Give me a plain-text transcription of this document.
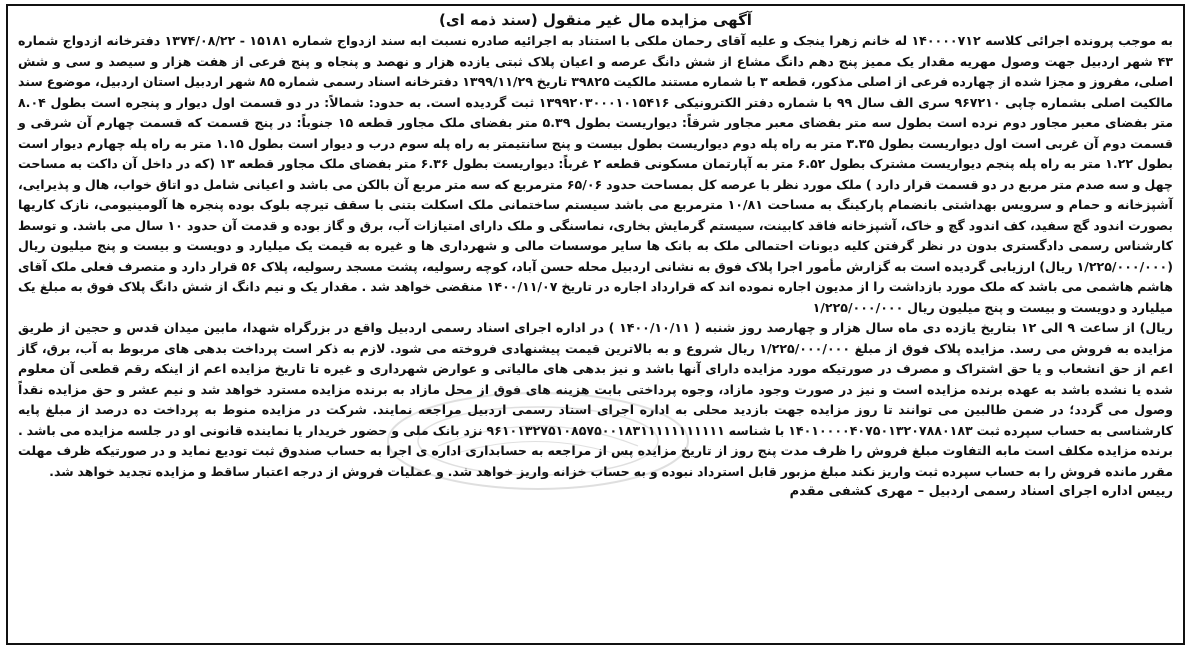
آگهی مزایده مال غیر منقول (سند ذمه ای)

به موجب پرونده اجرائی کلاسه ۱۴۰۰۰۰۷۱۲ له خانم زهرا ینجک و علیه آقای رحمان ملکی با استناد به اجرائیه صادره نسبت ابه سند ازدواج شماره ۱۵۱۸۱ - ۱۳۷۴/۰۸/۲۲ دفترخانه ازدواج شماره ۴۳ شهر اردبیل جهت وصول مهریه مقدار یک ممیز پنج دهم دانگ مشاع از شش دانگ عرصه و اعیان پلاک ثبتی یازده هزار و نهصد و پنجاه و پنج فرعی از هفت هزار و سیصد و سی و شش اصلی، مفروز و مجزا شده از چهارده فرعی از اصلی مذکور، قطعه ۳ با شماره مستند مالکیت ۳۹۸۲۵ تاریخ ۱۳۹۹/۱۱/۲۹ دفترخانه اسناد رسمی شماره ۸۵ شهر اردبیل استان اردبیل، موضوع سند مالکیت اصلی بشماره چاپی ۹۶۷۲۱۰ سری الف سال ۹۹ با شماره دفتر الکترونیکی ۱۳۹۹۲۰۳۰۰۰۱۰۱۵۴۱۶ ثبت گردیده است. به حدود: شمالاً: در دو قسمت اول دیوار و پنجره است بطول ۸.۰۴ متر بفضای معبر مجاور دوم نرده است بطول سه متر بفضای معبر مجاور شرقاً: دیواریست بطول ۵.۳۹ متر بفضای ملک مجاور قطعه ۱۵ جنوباً: در پنج قسمت که قسمت چهارم آن شرقی و قسمت دوم آن غربی است اول دیواریست بطول ۳.۳۵ متر به راه پله دوم دیواریست بطول بیست و پنج سانتیمتر به راه پله سوم درب و دیوار است بطول ۱.۱۵ متر به راه پله چهارم دیوار است بطول ۱.۲۲ متر به راه پله پنجم دیواریست مشترک بطول ۶.۵۲ متر به آپارتمان مسکونی قطعه ۲ غرباً: دیواریست بطول ۶.۳۶ متر بفضای ملک مجاور قطعه ۱۳ (که در داخل آن داکت به مساحت چهل و سه صدم متر مربع در دو قسمت قرار دارد ) ملک مورد نظر با عرصه کل بمساحت حدود ۶۵/۰۶ مترمربع که سه متر مربع آن بالکن می باشد و اعیانی شامل دو اتاق خواب، هال و پذیرایی، آشپزخانه و حمام و سرویس بهداشتی بانضمام پارکینگ به مساحت ۱۰/۸۱ مترمربع می باشد سیستم ساختمانی ملک اسکلت بتنی با سقف تیرچه بلوک بوده پنجره ها آلومینیومی، نازک کاریها بصورت اندود گچ سفید، کف اندود گچ و خاک، آشپزخانه فاقد کابینت، سیستم گرمایش بخاری، نماسنگی و ملک دارای امتیازات آب، برق و گاز بوده و قدمت آن حدود ۱۰ سال می باشد. و توسط کارشناس رسمی دادگستری بدون در نظر گرفتن کلیه دیونات احتمالی ملک به بانک ها سایر موسسات مالی و شهرداری ها و غیره به قیمت یک میلیارد و دویست و بیست و پنج میلیون ریال (۱/۲۲۵/۰۰۰/۰۰۰ ریال) ارزیابی گردیده است به گزارش مأمور اجرا پلاک فوق به نشانی اردبیل محله حسن آباد، کوچه رسولیه، پشت مسجد رسولیه، پلاک ۵۶ قرار دارد و متصرف فعلی ملک آقای هاشم هاشمی می باشد که ملک مورد بازداشت را از مدیون اجاره نموده اند که قرارداد اجاره در تاریخ ۱۴۰۰/۱۱/۰۷ منقضی خواهد شد . مقدار یک و نیم دانگ از شش دانگ پلاک فوق به مبلغ یک میلیارد و دویست و بیست و پنج میلیون ریال ۱/۲۲۵/۰۰۰/۰۰۰

ریال) از ساعت ۹ الی ۱۲ بتاریخ یازده دی ماه سال هزار و چهارصد روز شنبه ( ۱۴۰۰/۱۰/۱۱ ) در اداره اجرای اسناد رسمی اردبیل واقع در بزرگراه شهدا، مابین میدان قدس و حجین از طریق مزایده به فروش می رسد. مزایده پلاک فوق از مبلغ ۱/۲۲۵/۰۰۰/۰۰۰ ریال شروع و به بالاترین قیمت پیشنهادی فروخته می شود. لازم به ذکر است پرداخت بدهی های مربوط به آب، برق، گاز اعم از حق انشعاب و یا حق اشتراک و مصرف در صورتیکه مورد مزایده دارای آنها باشد و نیز بدهی های مالیاتی و عوارض شهرداری و غیره تا تاریخ مزایده اعم از اینکه رقم قطعی آن معلوم شده یا نشده باشد به عهده برنده مزایده است و نیز در صورت وجود مازاد، وجوه پرداختی بابت هزینه های فوق از محل مازاد به برنده مزایده مسترد خواهد شد و نیم عشر و حق مزایده نقداً وصول می گردد؛ در ضمن طالبین می توانند تا روز مزایده جهت بازدید محلی به اداره اجرای اسناد رسمی اردبیل مراجعه نمایند. شرکت در مزایده منوط به پرداخت ده درصد از مبلغ پایه کارشناسی به حساب سپرده ثبت ۱۴۰۱۰۰۰۰۴۰۷۵۰۱۳۲۰۷۸۸۰۱۸۳ با شناسه ۹۶۱۰۱۳۲۷۵۱۰۸۵۷۵۰۰۱۸۳۱۱۱۱۱۱۱۱۱۱۱ نزد بانک ملی و حضور خریدار یا نماینده قانونی او در جلسه مزایده می باشد . برنده مزایده مکلف است مابه التفاوت مبلغ فروش را ظرف مدت پنج روز از تاریخ مزایده پس از مراجعه به حسابداری اداره ی اجرا به حساب صندوق ثبت تودیع نماید و در صورتیکه ظرف مهلت مقرر مانده فروش را به حساب سپرده ثبت واریز نکند مبلغ مزبور قابل استرداد نبوده و به حساب خزانه واریز خواهد شد. و عملیات فروش از درجه اعتبار ساقط و مزایده تجدید خواهد شد.

رییس اداره اجرای اسناد رسمی اردبیل – مهری کشفی مقدم
